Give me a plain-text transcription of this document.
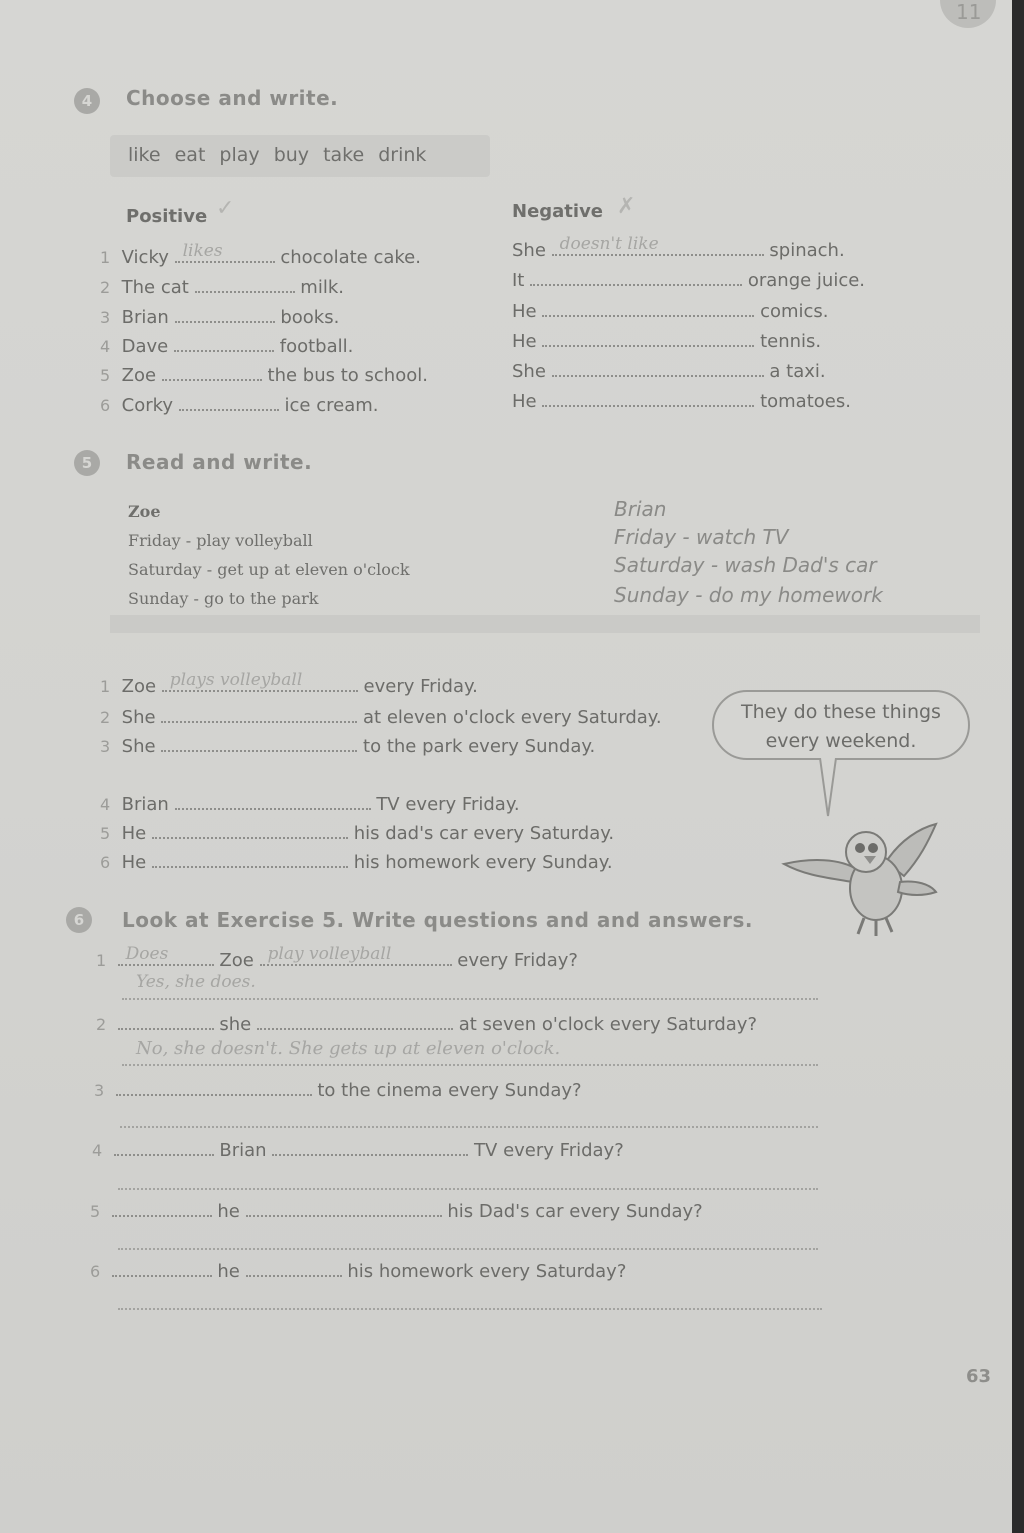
11
4	Choose and write.
like eat play buy take drink
Positive ✓	Negative ✗
1 Vicky likes	chocolate cake.
2 The cat	milk.
3 Brian	books.
4 Dave	football.
5 Zoe	the bus to school.
6 Corky	ice cream.
She doesn't like	spinach.
It	orange juice.
He	comics.
He	tennis.
She	a taxi.
He	tomatoes.
5	Read and write.
Zoe
Friday - play volleyball
Saturday - get up at eleven o'clock
Sunday - go to the park
Brian
Friday - watch TV
Saturday - wash Dad's car
Sunday - do my homework
1 Zoe plays volleyball	every Friday.
2 She	at eleven o'clock every Saturday.
3 She	to the park every Sunday.
4 Brian	TV every Friday.
5 He	his dad's car every Saturday.
6 He	his homework every Sunday.
They do these things
every weekend.
6	Look at Exercise 5. Write questions and and answers.
1 Does	Zoe play volleyball	every Friday?
Yes, she does.
2	she	at seven o'clock every Saturday?
No, she doesn't. She gets up at eleven o'clock.
3	to the cinema every Sunday?
4	Brian	TV every Friday?
5	he	his Dad's car every Sunday?
6	he	his homework every Saturday?
63
